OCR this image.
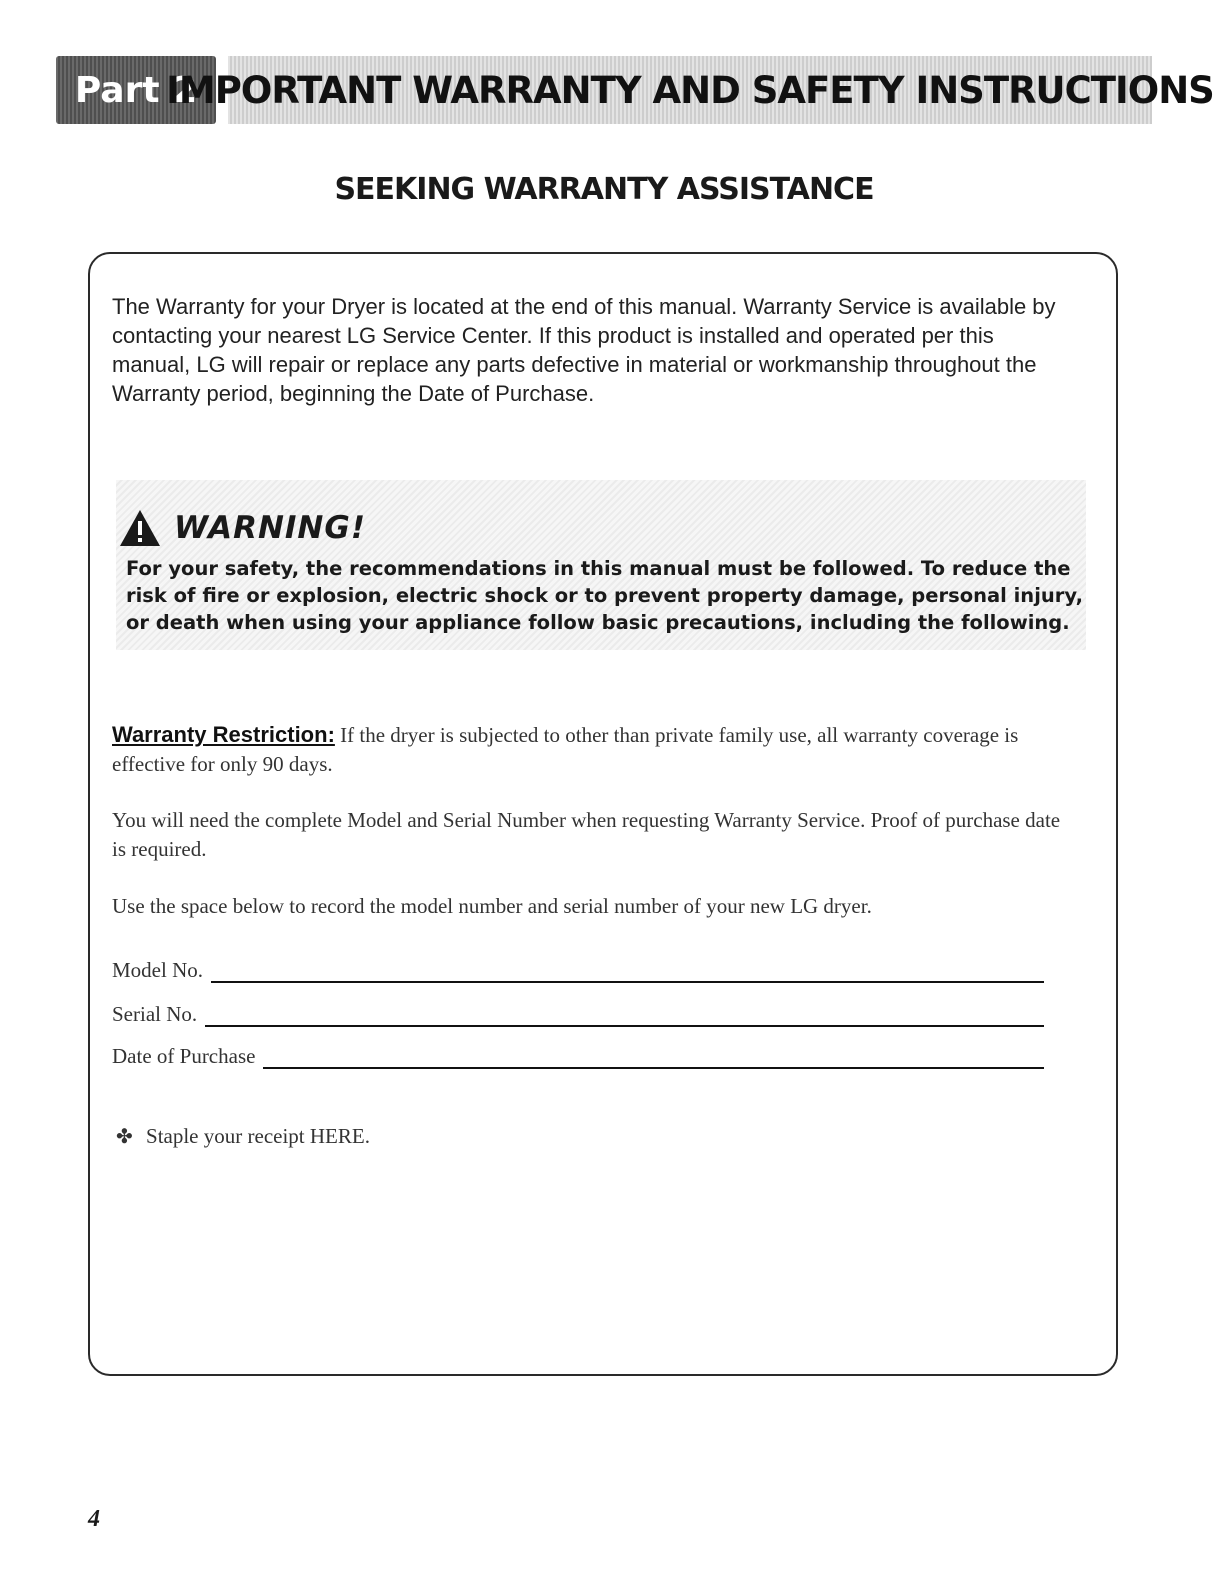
Part 2
IMPORTANT WARRANTY AND SAFETY INSTRUCTIONS
SEEKING WARRANTY ASSISTANCE
The Warranty for your Dryer is located at the end of this manual. Warranty Service is available by contacting your nearest LG Service Center. If this product is installed and operated per this manual, LG will repair or replace any parts defective in material or workmanship throughout the Warranty period, beginning the Date of Purchase.
WARNING!
For your safety, the recommendations in this manual must be followed. To reduce the risk of fire or explosion, electric shock or to prevent property damage, personal injury, or death when using your appliance follow basic precautions, including the following.
Warranty Restriction: If the dryer is subjected to other than private family use, all warranty coverage is effective for only 90 days.
You will need the complete Model and Serial Number when requesting Warranty Service. Proof of purchase date is required.
Use the space below to record the model number and serial number of your new LG dryer.
Model No.
Serial No.
Date of Purchase
✤ Staple your receipt HERE.
4
